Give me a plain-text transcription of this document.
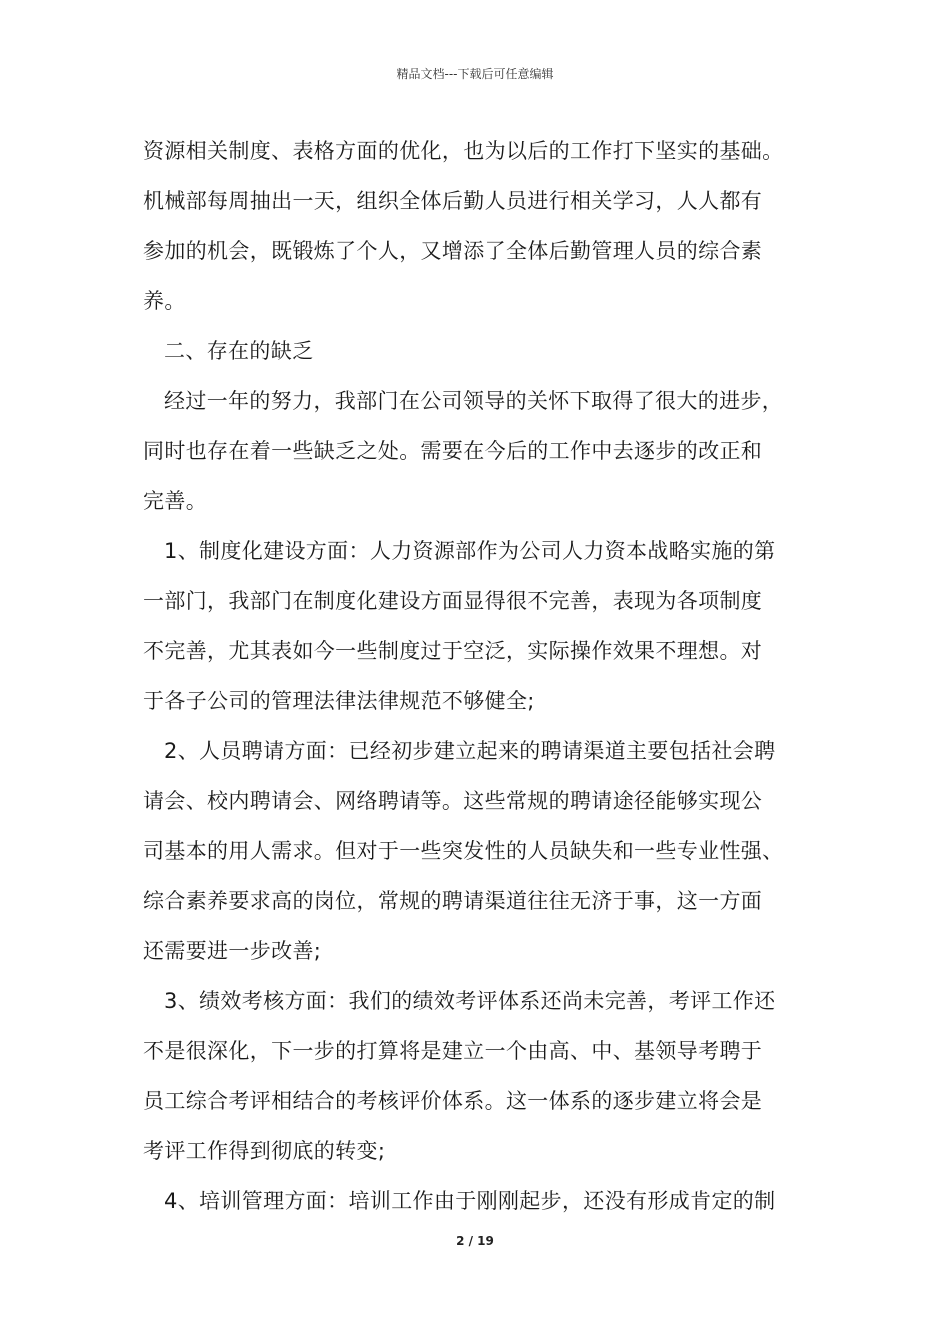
精品文档---下载后可任意编辑
资源相关制度、表格方面的优化，也为以后的工作打下坚实的基础。
机械部每周抽出一天，组织全体后勤人员进行相关学习，人人都有
参加的机会，既锻炼了个人，又增添了全体后勤管理人员的综合素
养。
二、存在的缺乏
经过一年的努力，我部门在公司领导的关怀下取得了很大的进步，
同时也存在着一些缺乏之处。需要在今后的工作中去逐步的改正和
完善。
1、制度化建设方面：人力资源部作为公司人力资本战略实施的第
一部门，我部门在制度化建设方面显得很不完善，表现为各项制度
不完善，尤其表如今一些制度过于空泛，实际操作效果不理想。对
于各子公司的管理法律法律规范不够健全;
2、人员聘请方面：已经初步建立起来的聘请渠道主要包括社会聘
请会、校内聘请会、网络聘请等。这些常规的聘请途径能够实现公
司基本的用人需求。但对于一些突发性的人员缺失和一些专业性强、
综合素养要求高的岗位，常规的聘请渠道往往无济于事，这一方面
还需要进一步改善;
3、绩效考核方面：我们的绩效考评体系还尚未完善，考评工作还
不是很深化，下一步的打算将是建立一个由高、中、基领导考聘于
员工综合考评相结合的考核评价体系。这一体系的逐步建立将会是
考评工作得到彻底的转变;
4、培训管理方面：培训工作由于刚刚起步，还没有形成肯定的制
2 / 19
